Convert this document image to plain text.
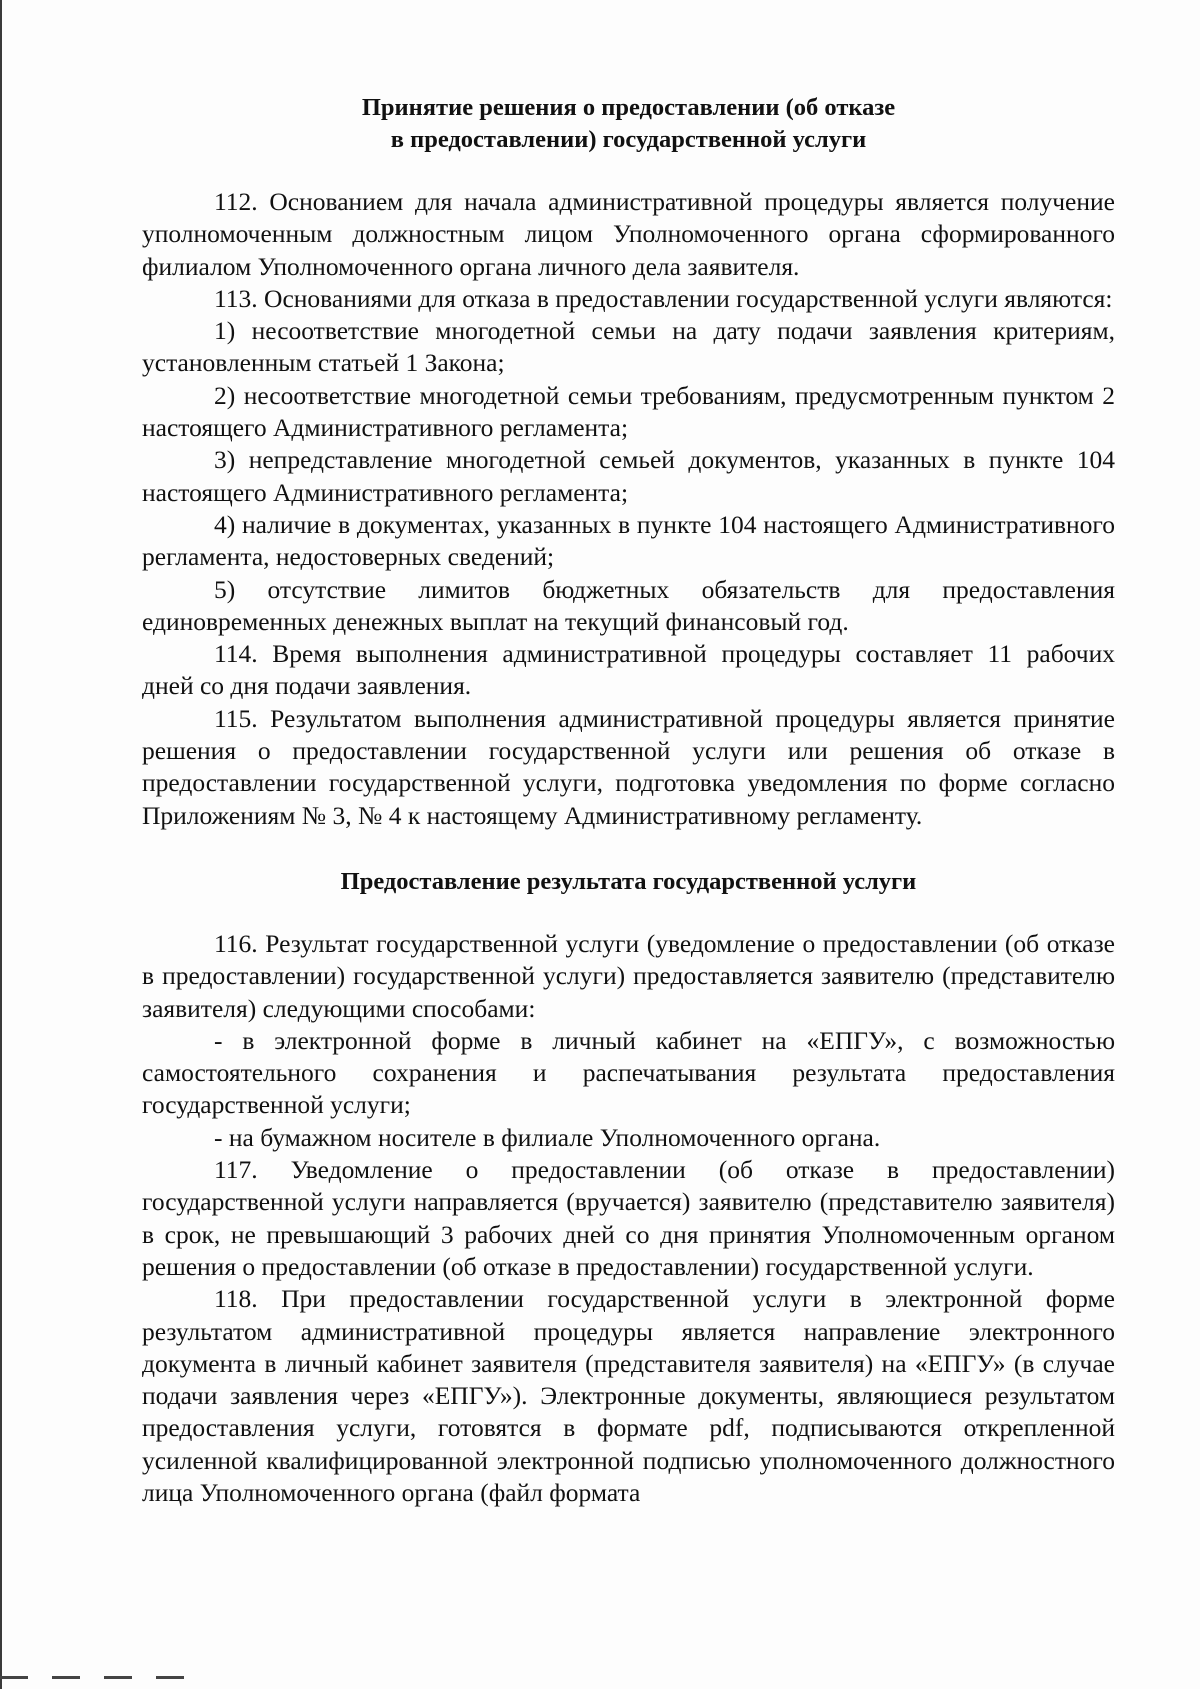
Принятие решения о предоставлении (об отказе
в предоставлении) государственной услуги

112. Основанием для начала административной процедуры является получение уполномоченным должностным лицом Уполномоченного органа сформированного филиалом Уполномоченного органа личного дела заявителя.

113. Основаниями для отказа в предоставлении государственной услуги являются:

1) несоответствие многодетной семьи на дату подачи заявления критериям, установленным статьей 1 Закона;

2) несоответствие многодетной семьи требованиям, предусмотренным пунктом 2 настоящего Административного регламента;

3) непредставление многодетной семьей документов, указанных в пункте 104 настоящего Административного регламента;

4) наличие в документах, указанных в пункте 104 настоящего Административного регламента, недостоверных сведений;

5) отсутствие лимитов бюджетных обязательств для предоставления единовременных денежных выплат на текущий финансовый год.

114. Время выполнения административной процедуры составляет 11 рабочих дней со дня подачи заявления.

115. Результатом выполнения административной процедуры является принятие решения о предоставлении государственной услуги или решения об отказе в предоставлении государственной услуги, подготовка уведомления по форме согласно Приложениям № 3, № 4 к настоящему Административному регламенту.

Предоставление результата государственной услуги

116. Результат государственной услуги (уведомление о предоставлении (об отказе в предоставлении) государственной услуги) предоставляется заявителю (представителю заявителя) следующими способами:

- в электронной форме в личный кабинет на «ЕПГУ», с возможностью самостоятельного сохранения и распечатывания результата предоставления государственной услуги;

- на бумажном носителе в филиале Уполномоченного органа.

117. Уведомление о предоставлении (об отказе в предоставлении) государственной услуги направляется (вручается) заявителю (представителю заявителя) в срок, не превышающий 3 рабочих дней со дня принятия Уполномоченным органом решения о предоставлении (об отказе в предоставлении) государственной услуги.

118. При предоставлении государственной услуги в электронной форме результатом административной процедуры является направление электронного документа в личный кабинет заявителя (представителя заявителя) на «ЕПГУ» (в случае подачи заявления через «ЕПГУ»). Электронные документы, являющиеся результатом предоставления услуги, готовятся в формате pdf, подписываются открепленной усиленной квалифицированной электронной подписью уполномоченного должностного лица Уполномоченного органа (файл формата
